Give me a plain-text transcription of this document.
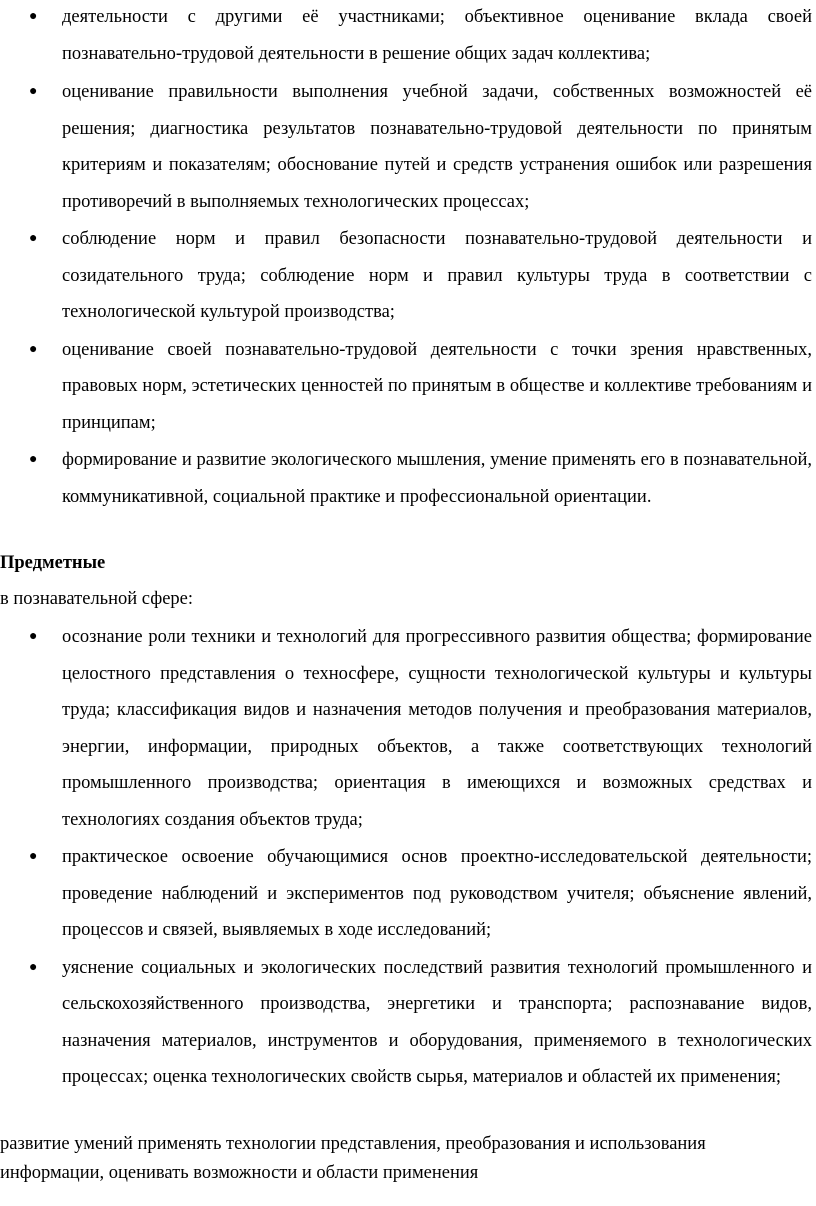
● деятельности с другими её участниками; объективное оценивание вклада своей познавательно-трудовой деятельности в решение общих задач коллектива;
● оценивание правильности выполнения учебной задачи, собственных возможностей её решения; диагностика результатов познавательно-трудовой деятельности по принятым критериям и показателям; обоснование путей и средств устранения ошибок или разрешения противоречий в выполняемых технологических процессах;
● соблюдение норм и правил безопасности познавательно-трудовой деятельности и созидательного труда; соблюдение норм и правил культуры труда в соответствии с технологической культурой производства;
● оценивание своей познавательно-трудовой деятельности с точки зрения нравственных, правовых норм, эстетических ценностей по принятым в обществе и коллективе требованиям и принципам;
● формирование и развитие экологического мышления, умение применять его в познавательной, коммуникативной, социальной практике и профессиональной ориентации.

Предметные

в познавательной сфере:

● осознание роли техники и технологий для прогрессивного развития общества; формирование целостного представления о техносфере, сущности технологической культуры и культуры труда; классификация видов и назначения методов получения и преобразования материалов, энергии, информации, природных объектов, а также соответствующих технологий промышленного производства; ориентация в имеющихся и возможных средствах и технологиях создания объектов труда;
● практическое освоение обучающимися основ проектно-исследовательской деятельности; проведение наблюдений и экспериментов под руководством учителя; объяснение явлений, процессов и связей, выявляемых в ходе исследований;
● уяснение социальных и экологических последствий развития технологий промышленного и сельскохозяйственного производства, энергетики и транспорта; распознавание видов, назначения материалов, инструментов и оборудования, применяемого в технологических процессах; оценка технологических свойств сырья, материалов и областей их применения;

развитие умений применять технологии представления, преобразования и использования информации, оценивать возможности и области применения
